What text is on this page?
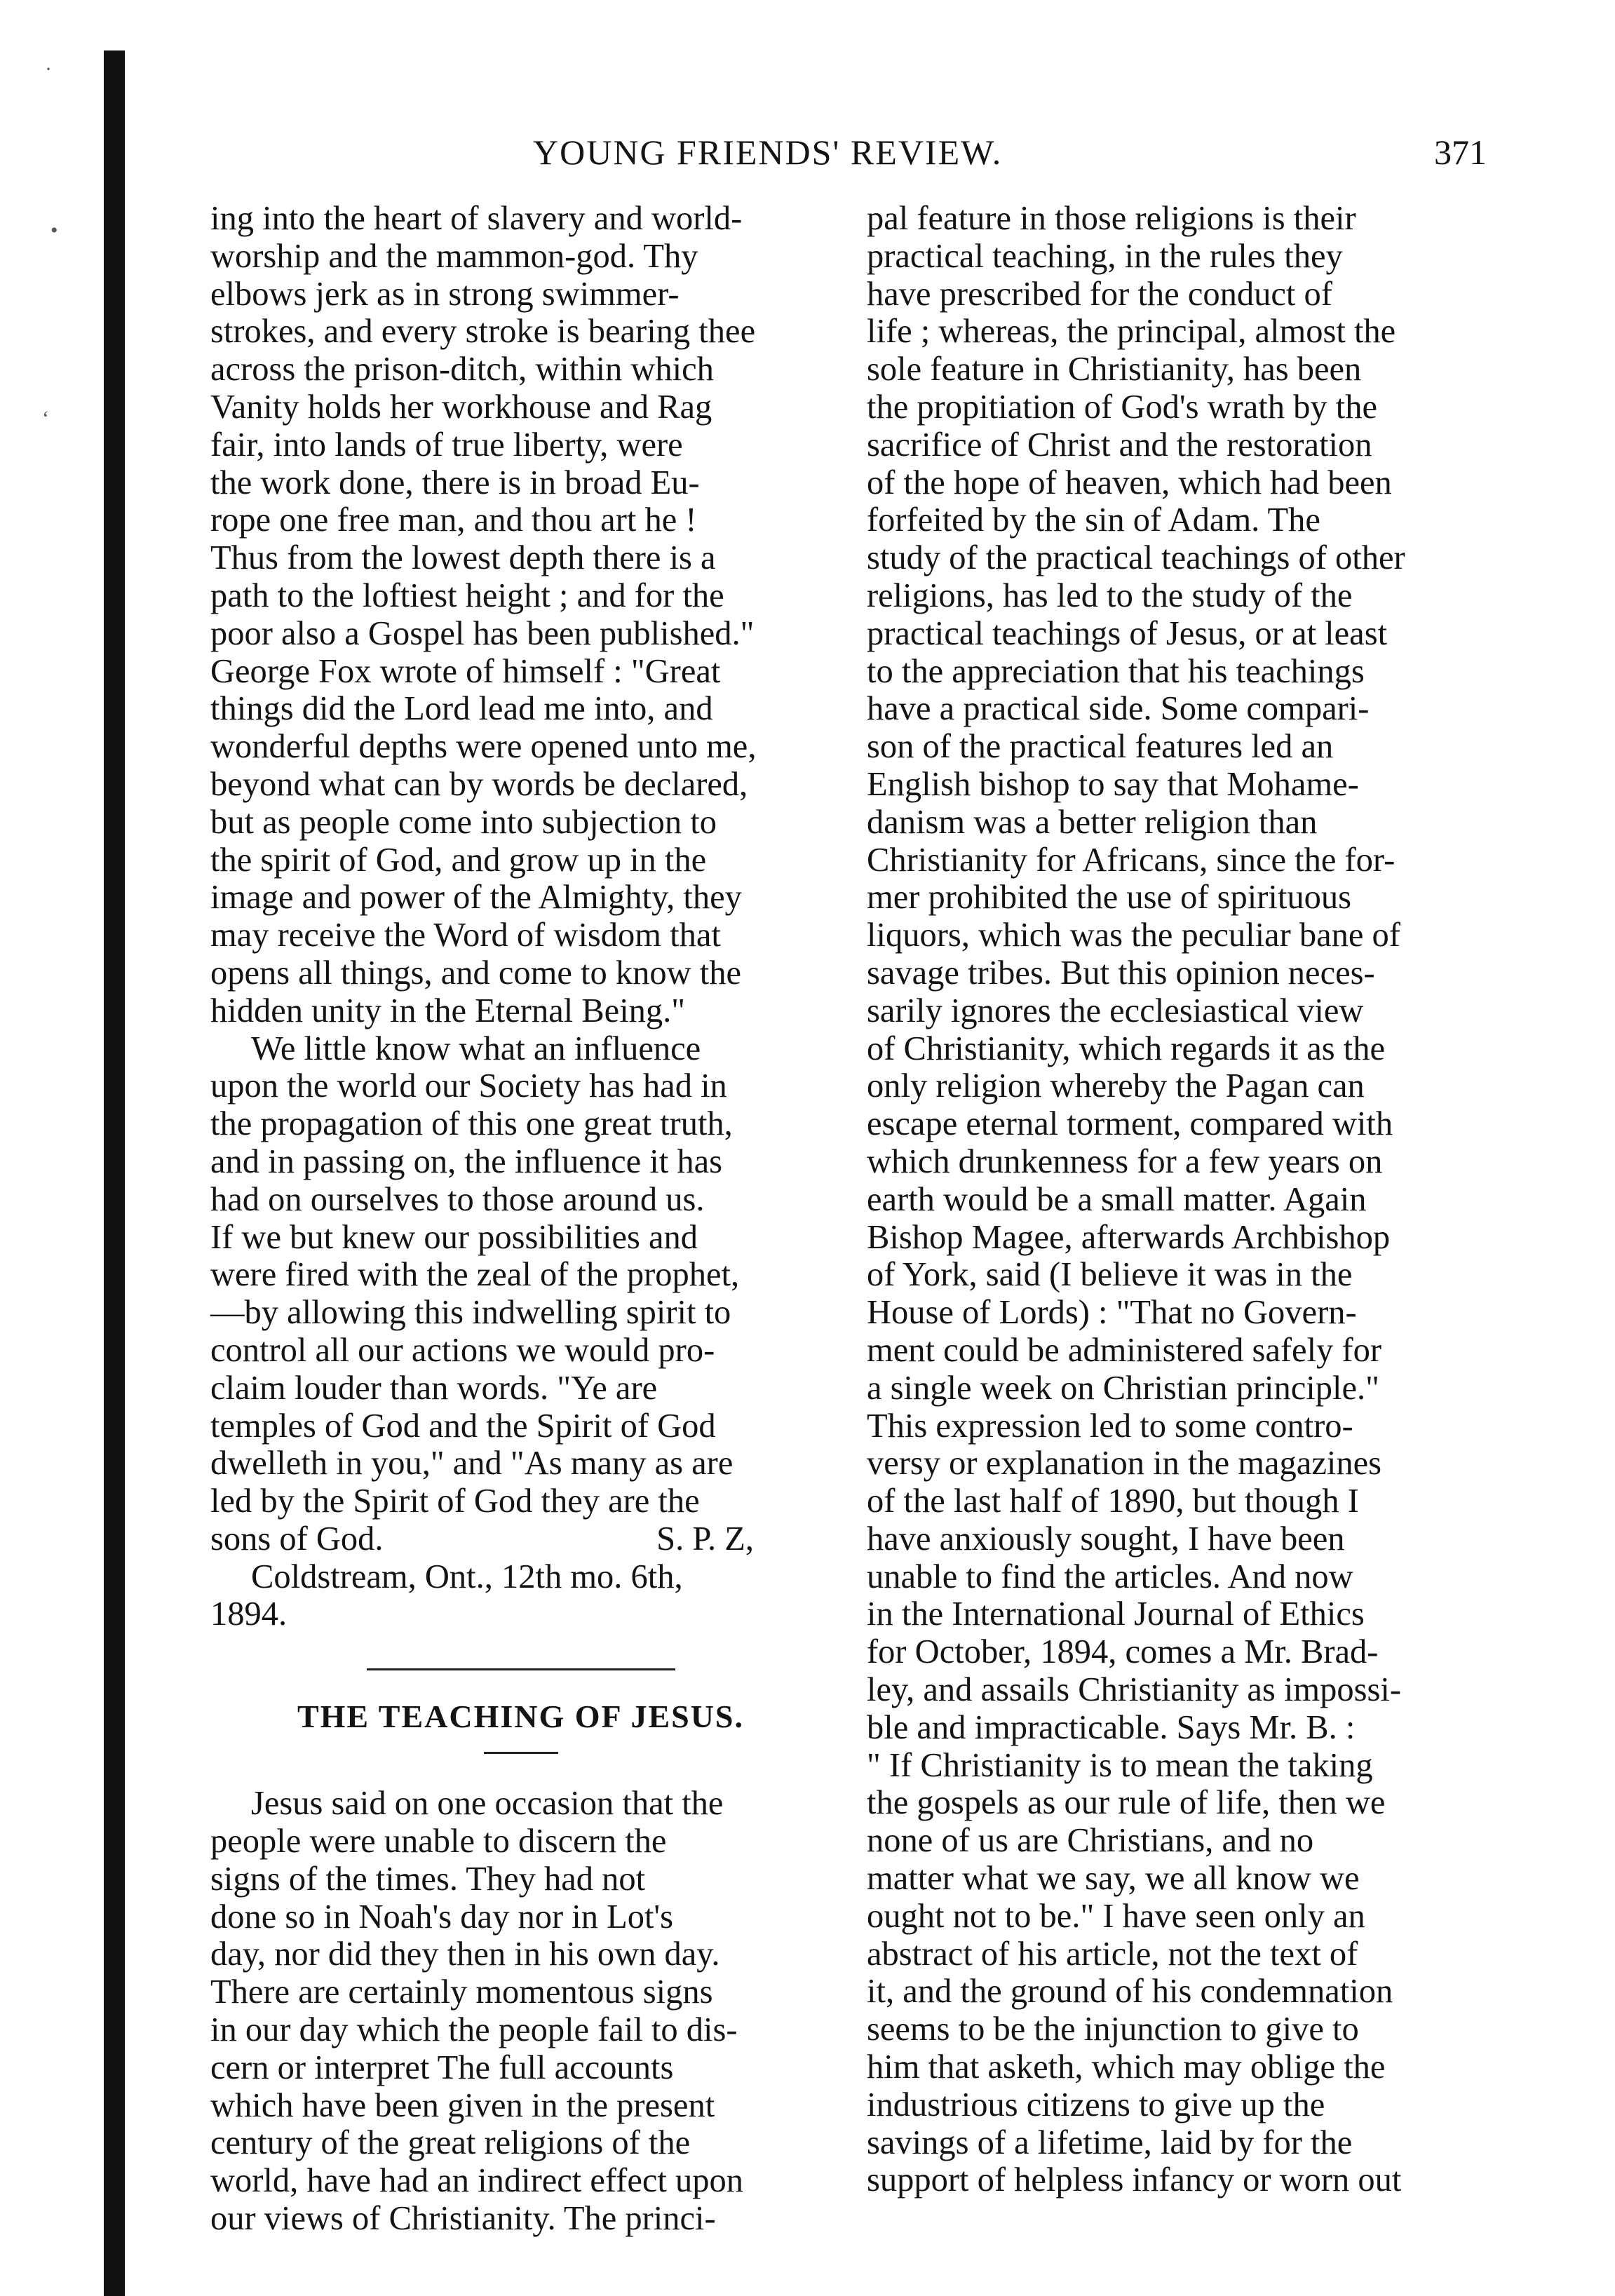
·
•
‘
YOUNG FRIENDS' REVIEW.	371

ing into the heart of slavery and world-
worship and the mammon-god. Thy
elbows jerk as in strong swimmer-
strokes, and every stroke is bearing thee
across the prison-ditch, within which
Vanity holds her workhouse and Rag
fair, into lands of true liberty, were
the work done, there is in broad Eu-
rope one free man, and thou art he !
Thus from the lowest depth there is a
path to the loftiest height ; and for the
poor also a Gospel has been published."
George Fox wrote of himself : "Great
things did the Lord lead me into, and
wonderful depths were opened unto me,
beyond what can by words be declared,
but as people come into subjection to
the spirit of God, and grow up in the
image and power of the Almighty, they
may receive the Word of wisdom that
opens all things, and come to know the
hidden unity in the Eternal Being."

We little know what an influence
upon the world our Society has had in
the propagation of this one great truth,
and in passing on, the influence it has
had on ourselves to those around us.
If we but knew our possibilities and
were fired with the zeal of the prophet,
—by allowing this indwelling spirit to
control all our actions we would pro-
claim louder than words. "Ye are
temples of God and the Spirit of God
dwelleth in you," and "As many as are
led by the Spirit of God they are the

sons of God.	S. P. Z,

Coldstream, Ont., 12th mo. 6th,
1894.

THE TEACHING OF JESUS.

Jesus said on one occasion that the
people were unable to discern the
signs of the times. They had not
done so in Noah's day nor in Lot's
day, nor did they then in his own day.
There are certainly momentous signs
in our day which the people fail to dis-
cern or interpret The full accounts
which have been given in the present
century of the great religions of the
world, have had an indirect effect upon
our views of Christianity. The princi-

pal feature in those religions is their
practical teaching, in the rules they
have prescribed for the conduct of
life ; whereas, the principal, almost the
sole feature in Christianity, has been
the propitiation of God's wrath by the
sacrifice of Christ and the restoration
of the hope of heaven, which had been
forfeited by the sin of Adam. The
study of the practical teachings of other
religions, has led to the study of the
practical teachings of Jesus, or at least
to the appreciation that his teachings
have a practical side. Some compari-
son of the practical features led an
English bishop to say that Mohame-
danism was a better religion than
Christianity for Africans, since the for-
mer prohibited the use of spirituous
liquors, which was the peculiar bane of
savage tribes. But this opinion neces-
sarily ignores the ecclesiastical view
of Christianity, which regards it as the
only religion whereby the Pagan can
escape eternal torment, compared with
which drunkenness for a few years on
earth would be a small matter. Again
Bishop Magee, afterwards Archbishop
of York, said (I believe it was in the
House of Lords) : "That no Govern-
ment could be administered safely for
a single week on Christian principle."
This expression led to some contro-
versy or explanation in the magazines
of the last half of 1890, but though I
have anxiously sought, I have been
unable to find the articles. And now
in the International Journal of Ethics
for October, 1894, comes a Mr. Brad-
ley, and assails Christianity as impossi-
ble and impracticable. Says Mr. B. :
" If Christianity is to mean the taking
the gospels as our rule of life, then we
none of us are Christians, and no
matter what we say, we all know we
ought not to be." I have seen only an
abstract of his article, not the text of
it, and the ground of his condemnation
seems to be the injunction to give to
him that asketh, which may oblige the
industrious citizens to give up the
savings of a lifetime, laid by for the
support of helpless infancy or worn out
